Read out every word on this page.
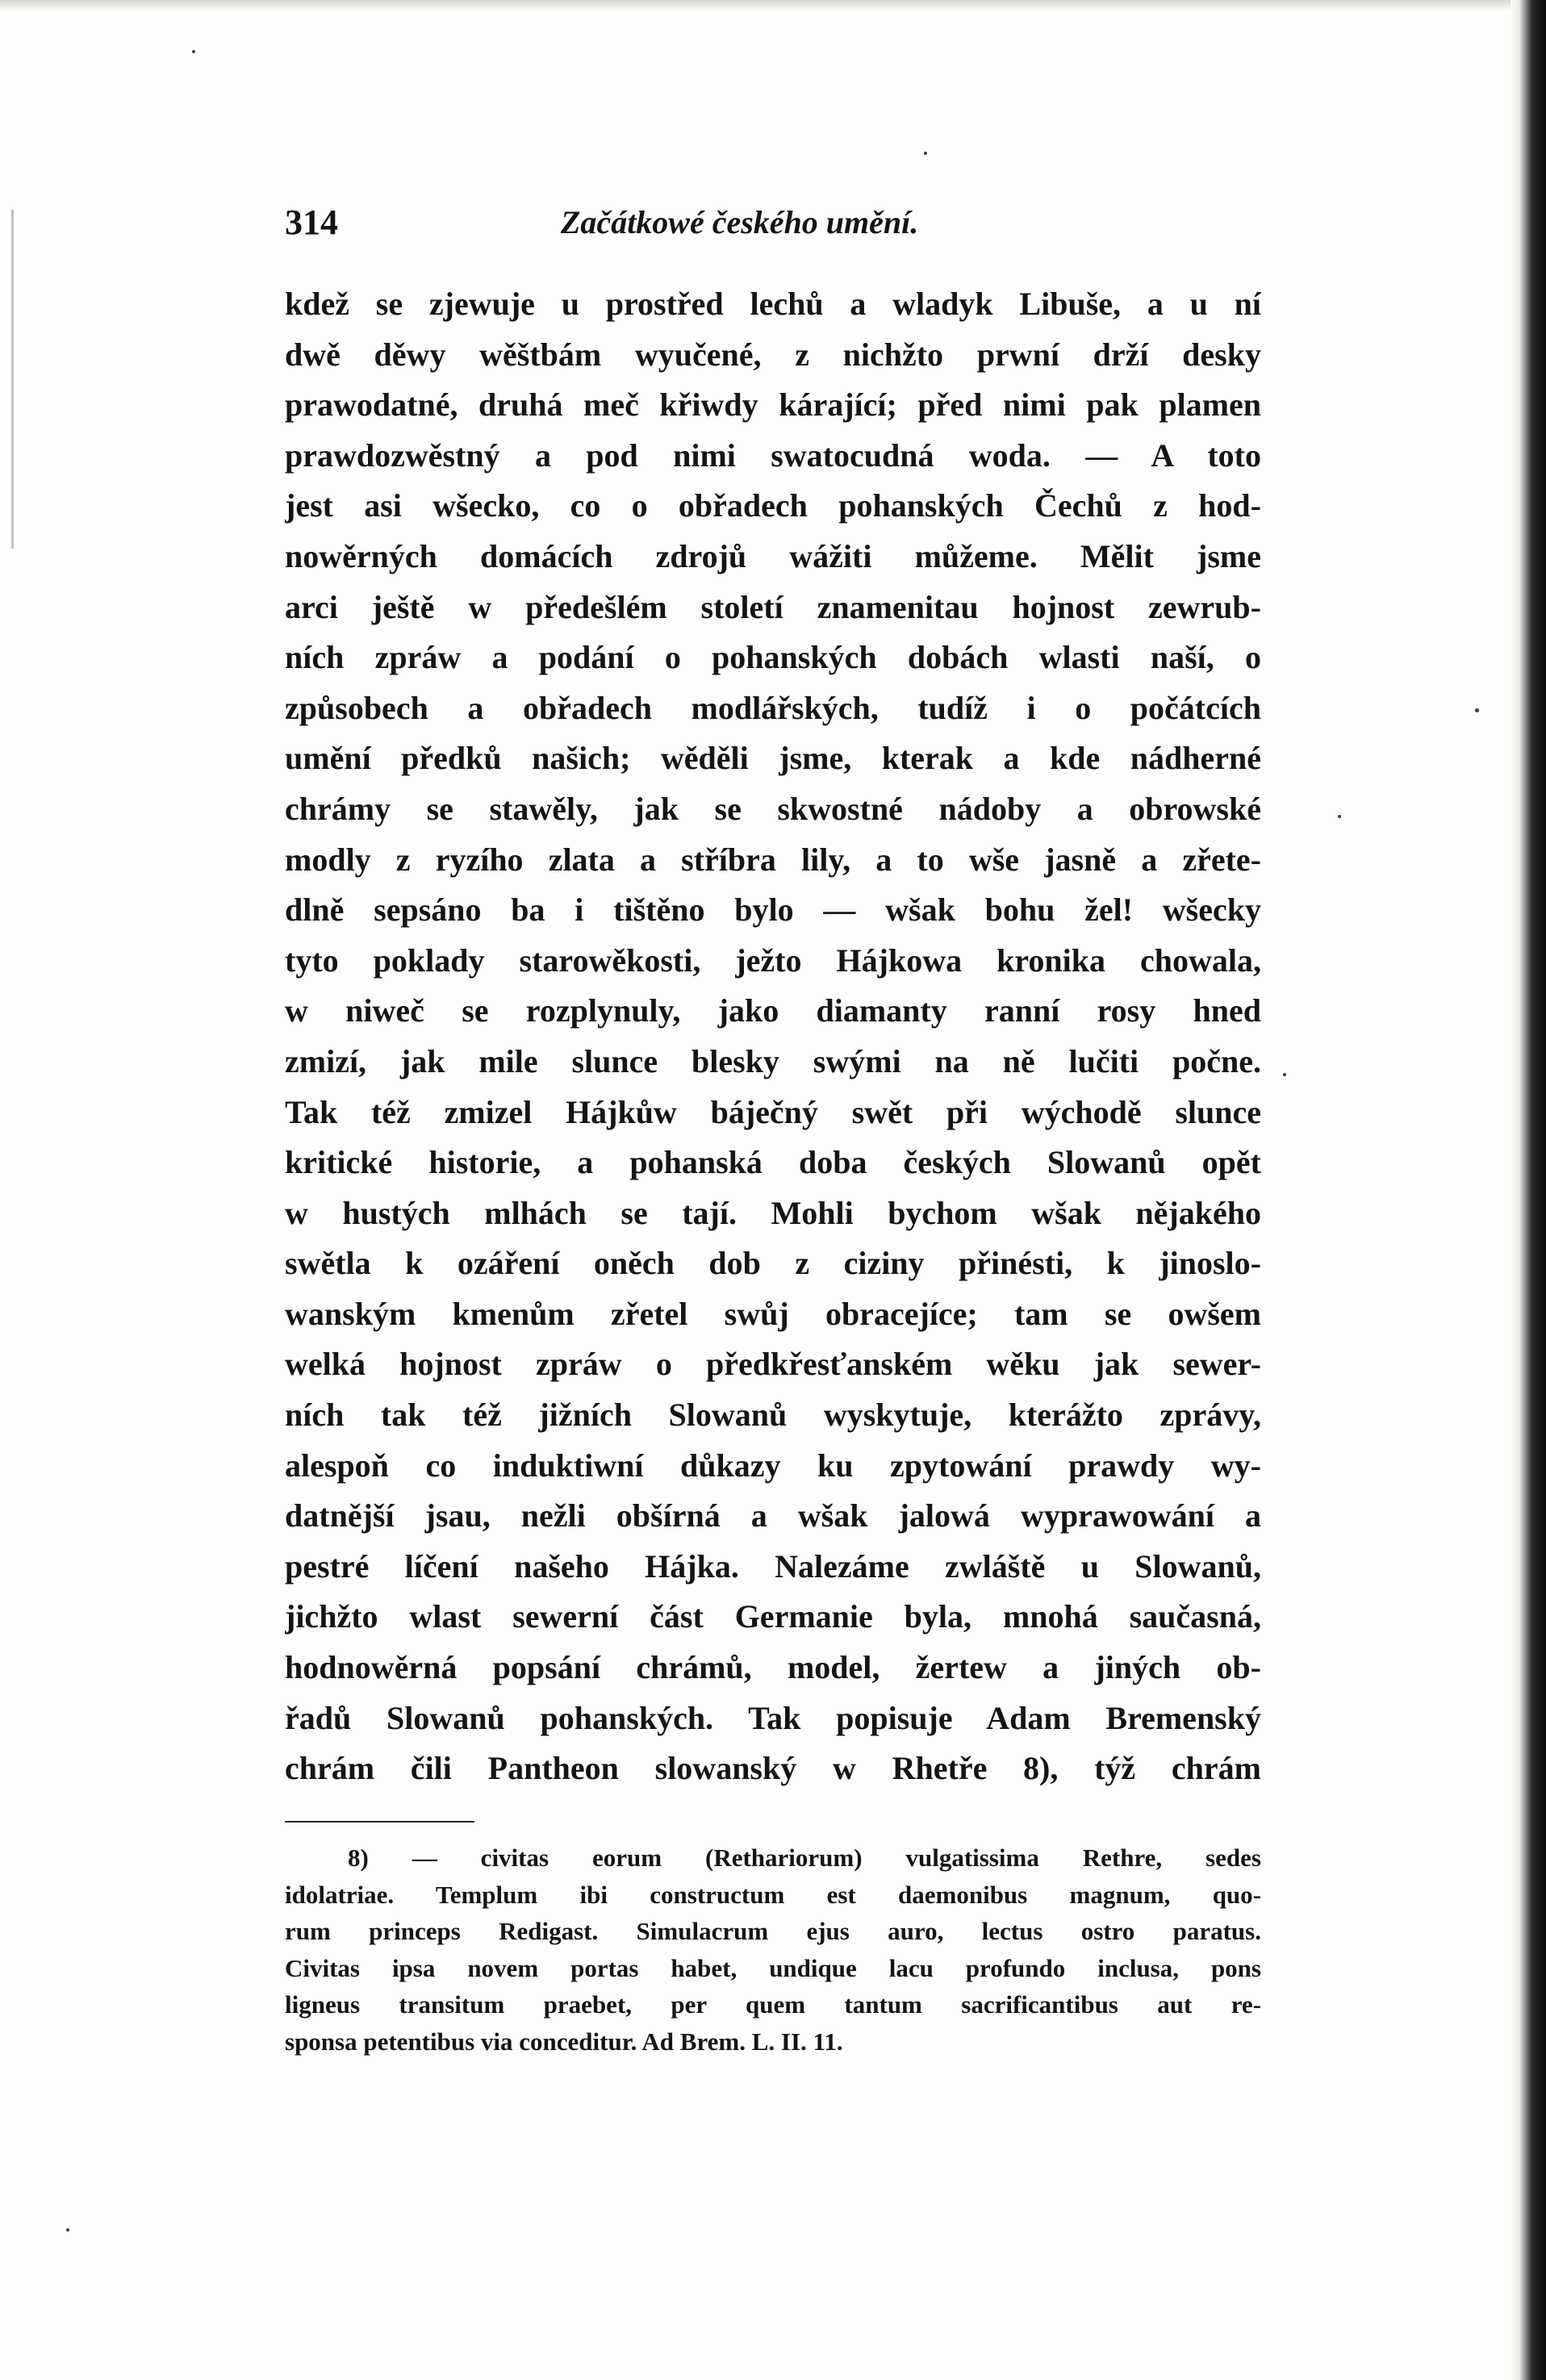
314	Začátkowé českého umění.
kdež se zjewuje u prostřed lechů a wladyk Libuše, a u ní
dwě děwy wěštbám wyučené, z nichžto prwní drží desky
prawodatné, druhá meč křiwdy kárající; před nimi pak plamen
prawdozwěstný a pod nimi swatocudná woda. — A toto
jest asi wšecko, co o obřadech pohanských Čechů z hod-
nowěrných domácích zdrojů wážiti můžeme. Mělit jsme
arci ještě w předešlém století znamenitau hojnost zewrub-
ních zpráw a podání o pohanských dobách wlasti naší, o
způsobech a obřadech modlářských, tudíž i o počátcích
umění předků našich; wěděli jsme, kterak a kde nádherné
chrámy se stawěly, jak se skwostné nádoby a obrowské
modly z ryzího zlata a stříbra lily, a to wše jasně a zřete-
dlně sepsáno ba i tištěno bylo — wšak bohu žel! wšecky
tyto poklady starowěkosti, ježto Hájkowa kronika chowala,
w niweč se rozplynuly, jako diamanty ranní rosy hned
zmizí, jak mile slunce blesky swými na ně lučiti počne.
Tak též zmizel Hájkůw báječný swět při wýchodě slunce
kritické historie, a pohanská doba českých Slowanů opět
w hustých mlhách se tají. Mohli bychom wšak nějakého
swětla k ozáření oněch dob z ciziny přinésti, k jinoslo-
wanským kmenům zřetel swůj obracejíce; tam se owšem
welká hojnost zpráw o předkřesťanském wěku jak sewer-
ních tak též jižních Slowanů wyskytuje, kterážto zprávy,
alespoň co induktiwní důkazy ku zpytowání prawdy wy-
datnější jsau, nežli obšírná a wšak jalowá wyprawowání a
pestré líčení našeho Hájka. Nalezáme zwláště u Slowanů,
jichžto wlast sewerní část Germanie byla, mnohá saučasná,
hodnowěrná popsání chrámů, model, žertew a jiných ob-
řadů Slowanů pohanských. Tak popisuje Adam Bremenský
chrám čili Pantheon slowanský w Rhetře 8), týž chrám
8) — civitas eorum (Rethariorum) vulgatissima Rethre, sedes
idolatriae. Templum ibi constructum est daemonibus magnum, quo-
rum princeps Redigast. Simulacrum ejus auro, lectus ostro paratus.
Civitas ipsa novem portas habet, undique lacu profundo inclusa, pons
ligneus transitum praebet, per quem tantum sacrificantibus aut re-
sponsa petentibus via conceditur. Ad Brem. L. II. 11.
